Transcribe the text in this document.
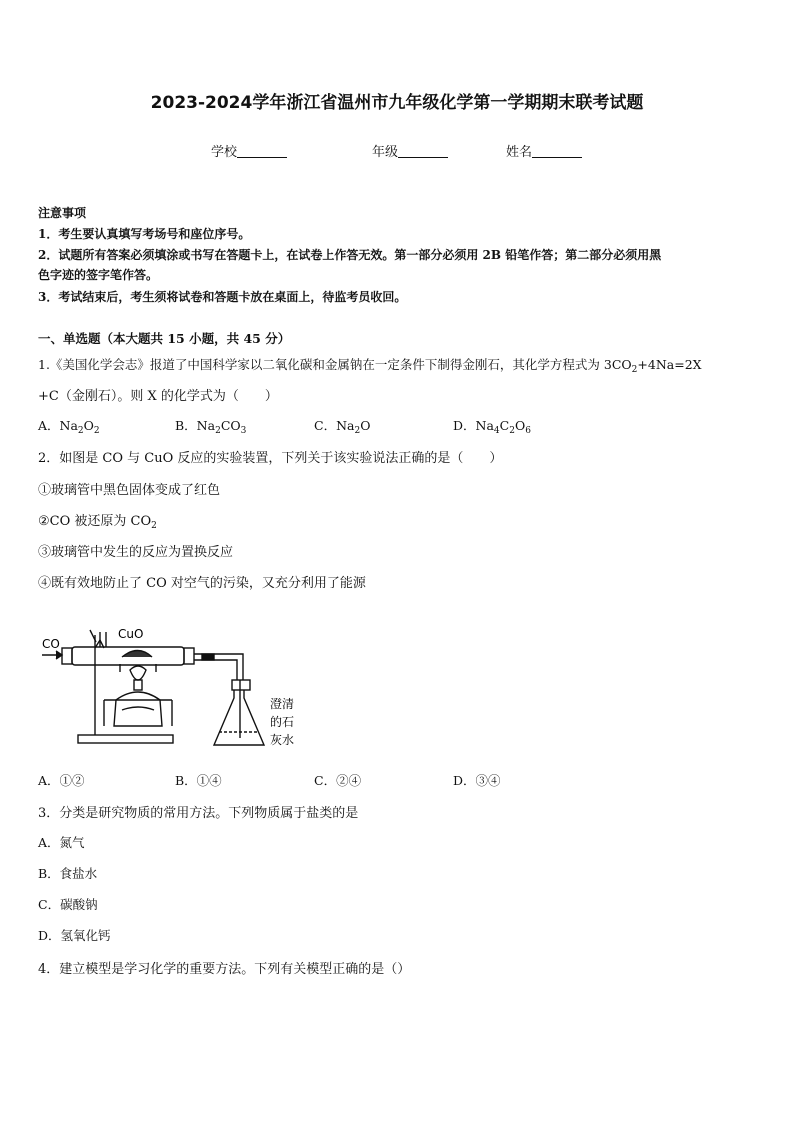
2023-2024学年浙江省温州市九年级化学第一学期期末联考试题
学校	年级	姓名
注意事项
1．考生要认真填写考场号和座位序号。
2．试题所有答案必须填涂或书写在答题卡上，在试卷上作答无效。第一部分必须用 2B 铅笔作答；第二部分必须用黑
色字迹的签字笔作答。
3．考试结束后，考生须将试卷和答题卡放在桌面上，待监考员收回。
一、单选题（本大题共 15 小题，共 45 分）
1.《美国化学会志》报道了中国科学家以二氧化碳和金属钠在一定条件下制得金刚石，其化学方程式为 $3CO_2+4Na=2X$
+C（金刚石）。则 X 的化学式为（　　）
A．$Na_2O_2$	B．$Na_2CO_3$	C．$Na_2O$	D．$Na_4C_2O_6$
2．如图是 CO 与 CuO 反应的实验装置，下列关于该实验说法正确的是（　　）
①玻璃管中黑色固体变成了红色
②CO 被还原为 $CO_2$
③玻璃管中发生的反应为置换反应
④既有效地防止了 CO 对空气的污染，又充分利用了能源
CO
CuO
澄清
的石
灰水
A．①②	B．①④	C．②④	D．③④
3．分类是研究物质的常用方法。下列物质属于盐类的是
A．氮气
B．食盐水
C．碳酸钠
D．氢氧化钙
4．建立模型是学习化学的重要方法。下列有关模型正确的是（）
